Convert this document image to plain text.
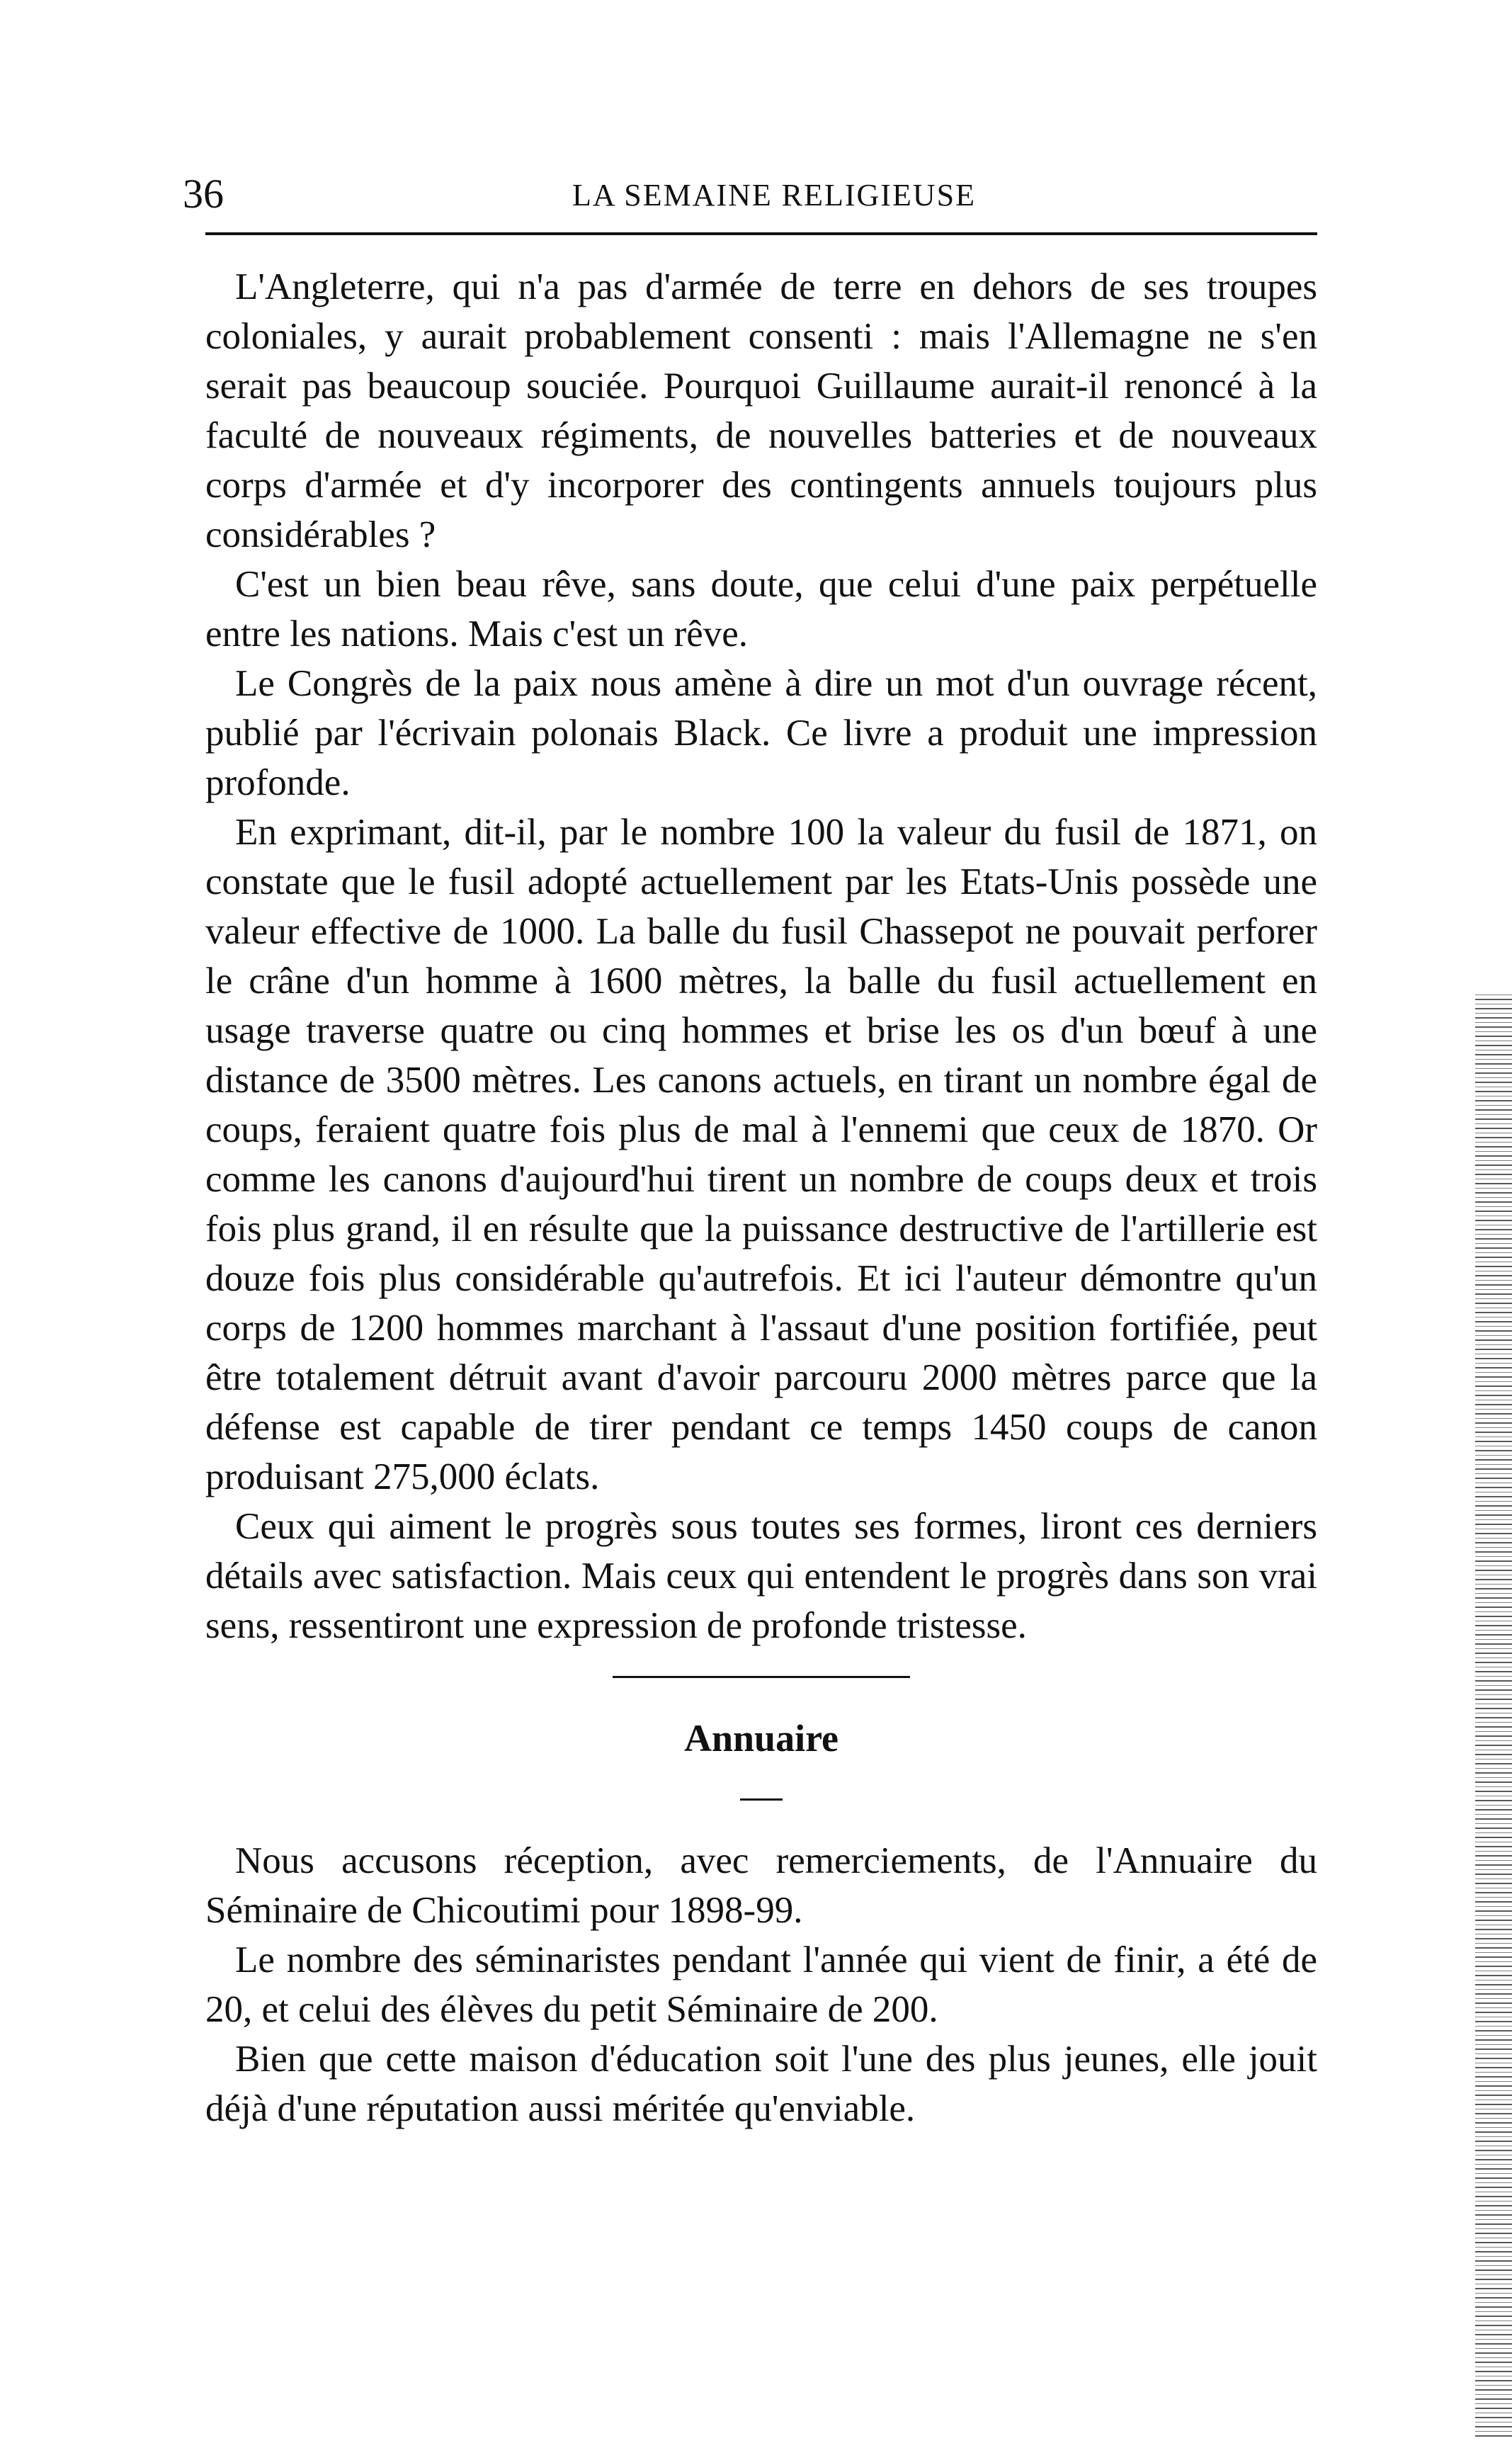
36	LA SEMAINE RELIGIEUSE

L'Angleterre, qui n'a pas d'armée de terre en dehors de ses troupes coloniales, y aurait probablement consenti : mais l'Allemagne ne s'en serait pas beaucoup souciée. Pourquoi Guillaume aurait-il renoncé à la faculté de nouveaux régiments, de nouvelles batteries et de nouveaux corps d'armée et d'y incorporer des contingents annuels toujours plus considérables ?

C'est un bien beau rêve, sans doute, que celui d'une paix perpétuelle entre les nations. Mais c'est un rêve.

Le Congrès de la paix nous amène à dire un mot d'un ouvrage récent, publié par l'écrivain polonais Black. Ce livre a produit une impression profonde.

En exprimant, dit-il, par le nombre 100 la valeur du fusil de 1871, on constate que le fusil adopté actuellement par les Etats-Unis possède une valeur effective de 1000. La balle du fusil Chassepot ne pouvait perforer le crâne d'un homme à 1600 mètres, la balle du fusil actuellement en usage traverse quatre ou cinq hommes et brise les os d'un bœuf à une distance de 3500 mètres. Les canons actuels, en tirant un nombre égal de coups, feraient quatre fois plus de mal à l'ennemi que ceux de 1870. Or comme les canons d'aujourd'hui tirent un nombre de coups deux et trois fois plus grand, il en résulte que la puissance destructive de l'artillerie est douze fois plus considérable qu'autrefois. Et ici l'auteur démontre qu'un corps de 1200 hommes marchant à l'assaut d'une position fortifiée, peut être totalement détruit avant d'avoir parcouru 2000 mètres parce que la défense est capable de tirer pendant ce temps 1450 coups de canon produisant 275,000 éclats.

Ceux qui aiment le progrès sous toutes ses formes, liront ces derniers détails avec satisfaction. Mais ceux qui entendent le progrès dans son vrai sens, ressentiront une expression de profonde tristesse.

Annuaire

Nous accusons réception, avec remerciements, de l'Annuaire du Séminaire de Chicoutimi pour 1898-99.

Le nombre des séminaristes pendant l'année qui vient de finir, a été de 20, et celui des élèves du petit Séminaire de 200.

Bien que cette maison d'éducation soit l'une des plus jeunes, elle jouit déjà d'une réputation aussi méritée qu'enviable.
